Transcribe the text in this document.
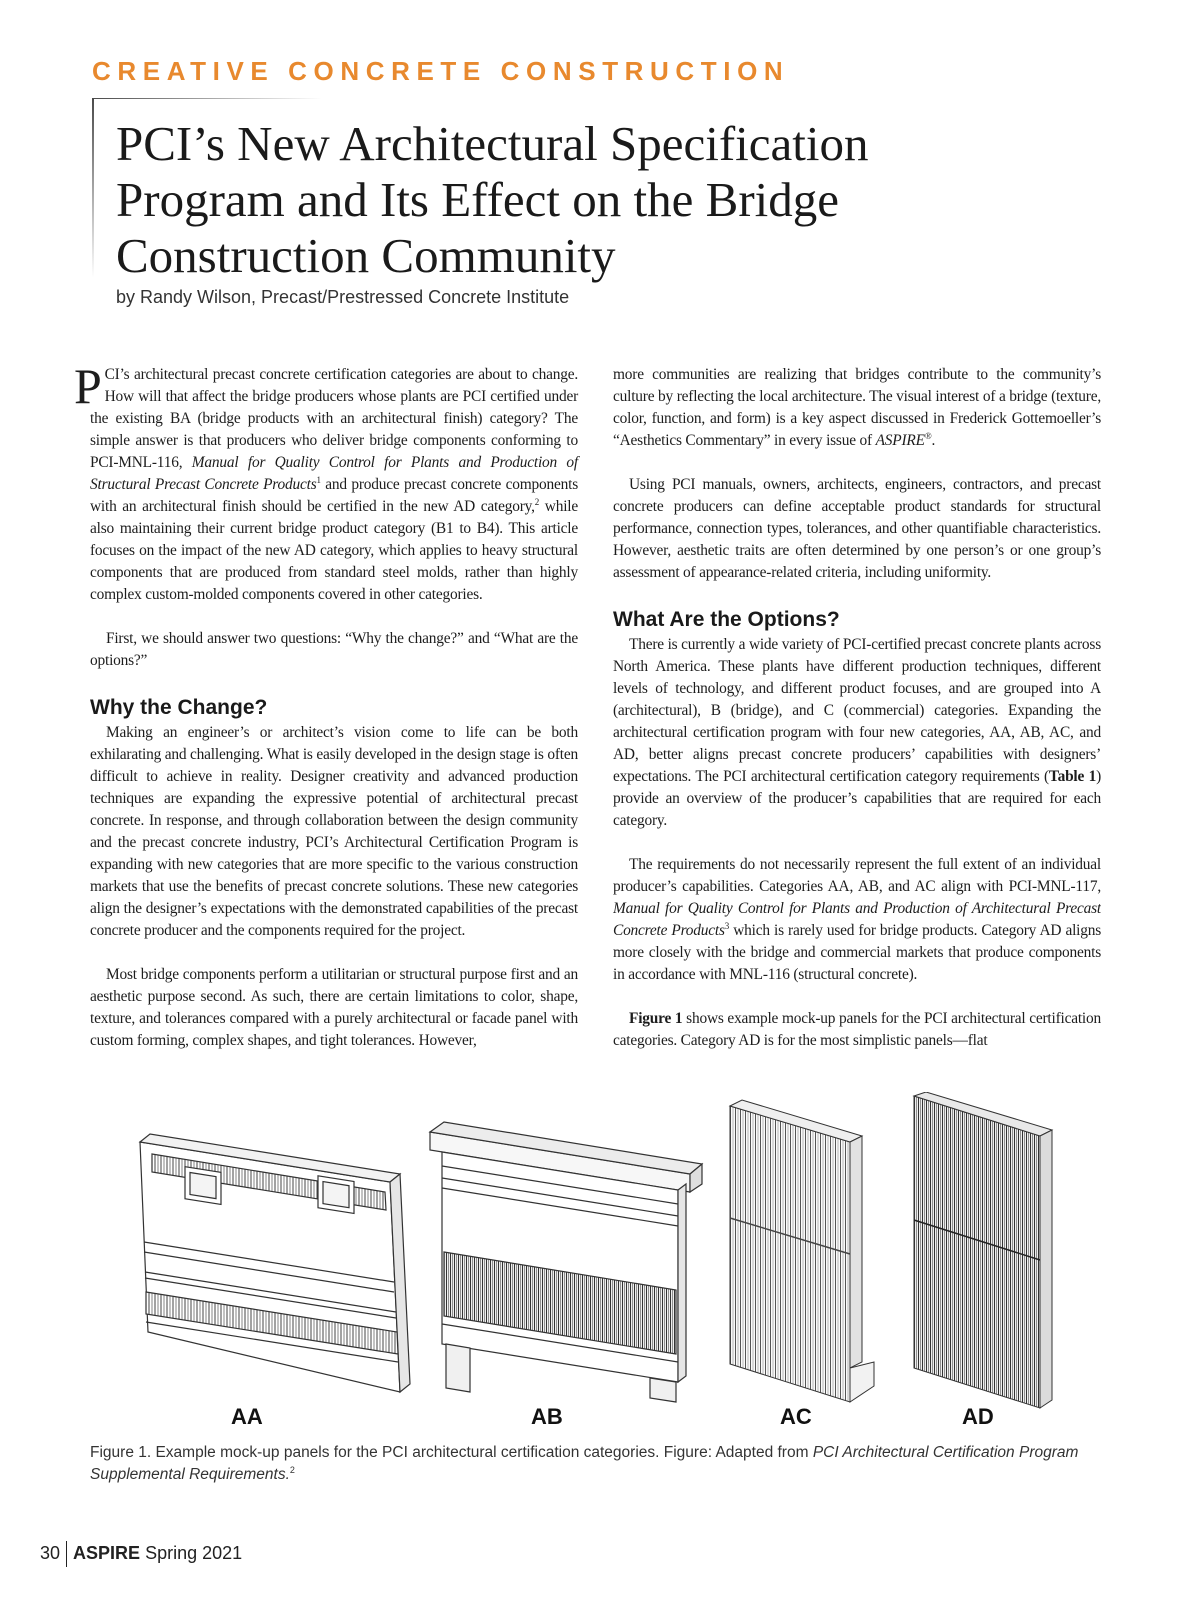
CREATIVE CONCRETE CONSTRUCTION
PCI’s New Architectural Specification
Program and Its Effect on the Bridge
Construction Community

by Randy Wilson, Precast/Prestressed Concrete Institute

PCI’s architectural precast concrete certification categories are about to change. How will that affect the bridge producers whose plants are PCI certified under the existing BA (bridge products with an architectural finish) category? The simple answer is that producers who deliver bridge components conforming to PCI-MNL-116, Manual for Quality Control for Plants and Production of Structural Precast Concrete Products$^1$ and produce precast concrete components with an architectural finish should be certified in the new AD category,$^2$ while also maintaining their current bridge product category (B1 to B4). This article focuses on the impact of the new AD category, which applies to heavy structural components that are produced from standard steel molds, rather than highly complex custom-molded components covered in other categories.

First, we should answer two questions: “Why the change?” and “What are the options?”

Why the Change?

Making an engineer’s or architect’s vision come to life can be both exhilarating and challenging. What is easily developed in the design stage is often difficult to achieve in reality. Designer creativity and advanced production techniques are expanding the expressive potential of architectural precast concrete. In response, and through collaboration between the design community and the precast concrete industry, PCI’s Architectural Certification Program is expanding with new categories that are more specific to the various construction markets that use the benefits of precast concrete solutions. These new categories align the designer’s expectations with the demonstrated capabilities of the precast concrete producer and the components required for the project.

Most bridge components perform a utilitarian or structural purpose first and an aesthetic purpose second. As such, there are certain limitations to color, shape, texture, and tolerances compared with a purely architectural or facade panel with custom forming, complex shapes, and tight tolerances. However,

more communities are realizing that bridges contribute to the community’s culture by reflecting the local architecture. The visual interest of a bridge (texture, color, function, and form) is a key aspect discussed in Frederick Gottemoeller’s “Aesthetics Commentary” in every issue of ASPIRE®.

Using PCI manuals, owners, architects, engineers, contractors, and precast concrete producers can define acceptable product standards for structural performance, connection types, tolerances, and other quantifiable characteristics. However, aesthetic traits are often determined by one person’s or one group’s assessment of appearance-related criteria, including uniformity.

What Are the Options?

There is currently a wide variety of PCI-certified precast concrete plants across North America. These plants have different production techniques, different levels of technology, and different product focuses, and are grouped into A (architectural), B (bridge), and C (commercial) categories. Expanding the architectural certification program with four new categories, AA, AB, AC, and AD, better aligns precast concrete producers’ capabilities with designers’ expectations. The PCI architectural certification category requirements (Table 1) provide an overview of the producer’s capabilities that are required for each category.

The requirements do not necessarily represent the full extent of an individual producer’s capabilities. Categories AA, AB, and AC align with PCI-MNL-117, Manual for Quality Control for Plants and Production of Architectural Precast Concrete Products$^3$ which is rarely used for bridge products. Category AD aligns more closely with the bridge and commercial markets that produce components in accordance with MNL-116 (structural concrete).

Figure 1 shows example mock-up panels for the PCI architectural certification categories. Category AD is for the most simplistic panels—flat

AA	AB	AC	AD

Figure 1. Example mock-up panels for the PCI architectural certification categories. Figure: Adapted from PCI Architectural Certification Program Supplemental Requirements.$^2$

30 ASPIRE Spring 2021
